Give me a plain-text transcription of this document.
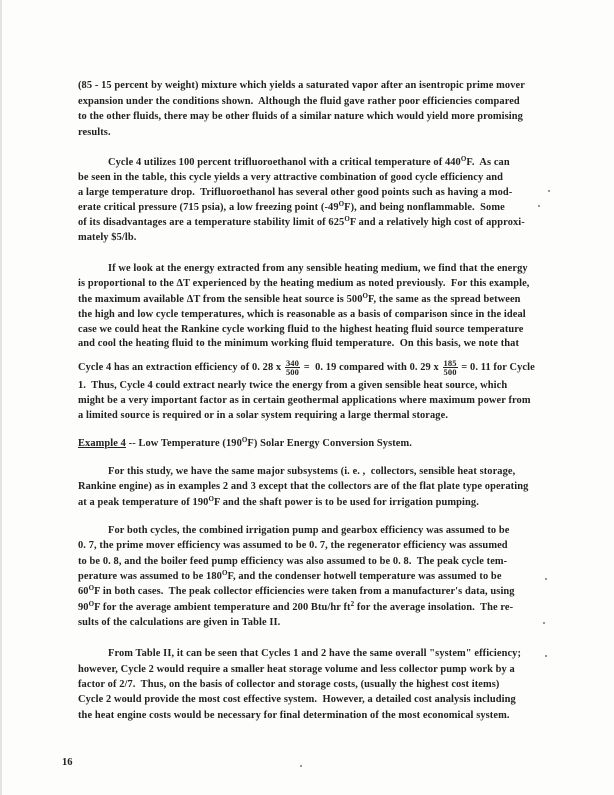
(85 - 15 percent by weight) mixture which yields a saturated vapor after an isentropic prime mover
expansion under the conditions shown.  Although the fluid gave rather poor efficiencies compared
to the other fluids, there may be other fluids of a similar nature which would yield more promising
results.
Cycle 4 utilizes 100 percent trifluoroethanol with a critical temperature of $440^OF$.  As can
be seen in the table, this cycle yields a very attractive combination of good cycle efficiency and
a large temperature drop.  Trifluoroethanol has several other good points such as having a mod-
erate critical pressure (715 psia), a low freezing point $(-49^OF)$, and being nonflammable.  Some
of its disadvantages are a temperature stability limit of $625^OF$ and a relatively high cost of approxi-
mately $5/lb.
If we look at the energy extracted from any sensible heating medium, we find that the energy
is proportional to the ΔT experienced by the heating medium as noted previously.  For this example,
the maximum available ΔT from the sensible heat source is $500^OF$, the same as the spread between
the high and low cycle temperatures, which is reasonable as a basis of comparison since in the ideal
case we could heat the Rankine cycle working fluid to the highest heating fluid source temperature
and cool the heating fluid to the minimum working fluid temperature.  On this basis, we note that
Cycle 4 has an extraction efficiency of 0. 28 x $\frac{340}{500} = 0$. 19 compared with 0. 29 x $\frac{185}{500} = 0$. 11 for Cycle
1.  Thus, Cycle 4 could extract nearly twice the energy from a given sensible heat source, which
might be a very important factor as in certain geothermal applications where maximum power from
a limited source is required or in a solar system requiring a large thermal storage.
Example 4 -- Low Temperature $(190^OF)$ Solar Energy Conversion System.
For this study, we have the same major subsystems (i. e. ,  collectors, sensible heat storage,
Rankine engine) as in examples 2 and 3 except that the collectors are of the flat plate type operating
at a peak temperature of $190^OF$ and the shaft power is to be used for irrigation pumping.
For both cycles, the combined irrigation pump and gearbox efficiency was assumed to be
0. 7, the prime mover efficiency was assumed to be 0. 7, the regenerator efficiency was assumed
to be 0. 8, and the boiler feed pump efficiency was also assumed to be 0. 8.  The peak cycle tem-
perature was assumed to be $180^OF$, and the condenser hotwell temperature was assumed to be
$60^OF$ in both cases.  The peak collector efficiencies were taken from a manufacturer's data, using
$90^OF$ for the average ambient temperature and 200 Btu/hr $ft^2$ for the average insolation.  The re-
sults of the calculations are given in Table II.
From Table II, it can be seen that Cycles 1 and 2 have the same overall "system" efficiency;
however, Cycle 2 would require a smaller heat storage volume and less collector pump work by a
factor of 2/7.  Thus, on the basis of collector and storage costs, (usually the highest cost items)
Cycle 2 would provide the most cost effective system.  However, a detailed cost analysis including
the heat engine costs would be necessary for final determination of the most economical system.
16
